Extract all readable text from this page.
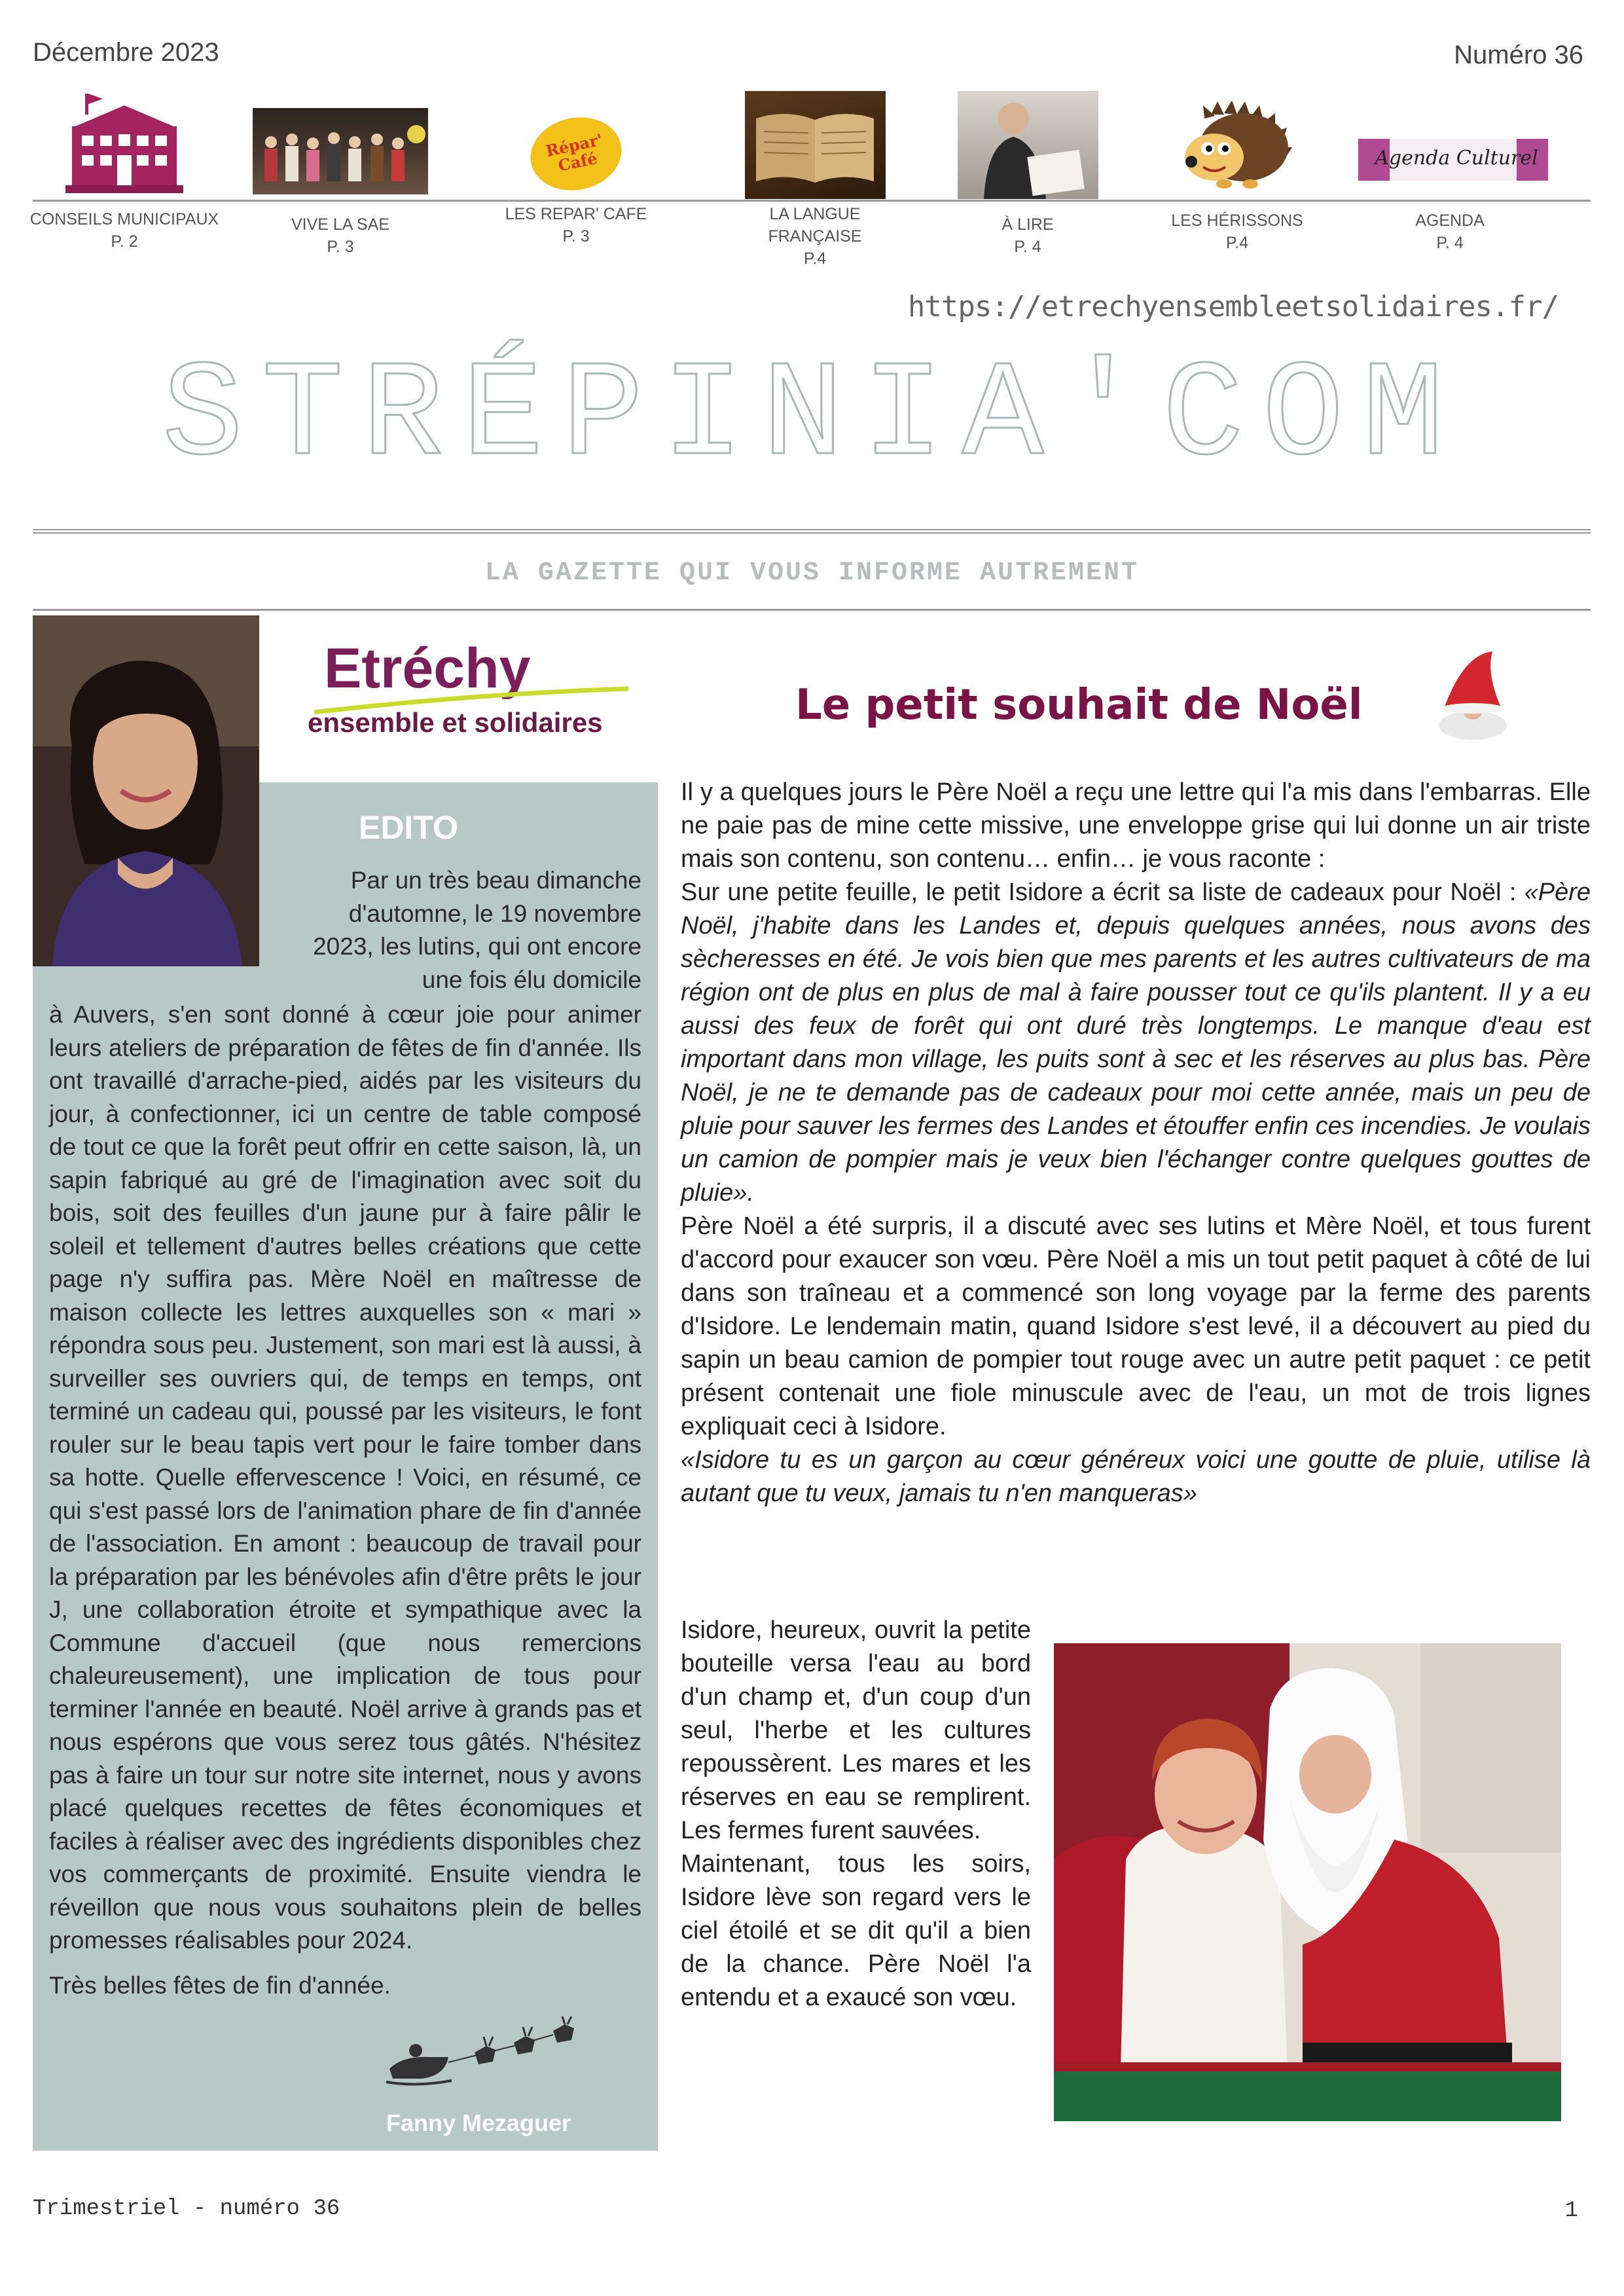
Décembre 2023	Numéro 36
CONSEILS MUNICIPAUX
P. 2
VIVE LA SAE
P. 3
Répar' Café
LES REPAR' CAFE
P. 3
LA LANGUE FRANÇAISE
P.4
À LIRE
P. 4
LES HÉRISSONS
P.4
Agenda Culturel
AGENDA
P. 4
https://etrechyensembleetsolidaires.fr/
STRÉPINIA'COM
LA GAZETTE QUI VOUS INFORME AUTREMENT
Etréchy
ensemble et solidaires
EDITO
Par un très beau dimanche d'automne, le 19 novembre 2023, les lutins, qui ont encore une fois élu domicile
à Auvers, s'en sont donné à cœur joie pour animer leurs ateliers de préparation de fêtes de fin d'année. Ils ont travaillé d'arrache-pied, aidés par les visiteurs du jour, à confectionner, ici un centre de table composé de tout ce que la forêt peut offrir en cette saison, là, un sapin fabriqué au gré de l'imagination avec soit du bois, soit des feuilles d'un jaune pur à faire pâlir le soleil et tellement d'autres belles créations que cette page n'y suffira pas. Mère Noël en maîtresse de maison collecte les lettres auxquelles son « mari » répondra sous peu. Justement, son mari est là aussi, à surveiller ses ouvriers qui, de temps en temps, ont terminé un cadeau qui, poussé par les visiteurs, le font rouler sur le beau tapis vert pour le faire tomber dans sa hotte. Quelle effervescence ! Voici, en résumé, ce qui s'est passé lors de l'animation phare de fin d'année de l'association. En amont : beaucoup de travail pour la préparation par les bénévoles afin d'être prêts le jour J, une collaboration étroite et sympathique avec la Commune d'accueil (que nous remercions chaleureusement), une implication de tous pour terminer l'année en beauté. Noël arrive à grands pas et nous espérons que vous serez tous gâtés. N'hésitez pas à faire un tour sur notre site internet, nous y avons placé quelques recettes de fêtes économiques et faciles à réaliser avec des ingrédients disponibles chez vos commerçants de proximité. Ensuite viendra le réveillon que nous vous souhaitons plein de belles promesses réalisables pour 2024.
Très belles fêtes de fin d'année.
Fanny Mezaguer
Le petit souhait de Noël

Il y a quelques jours le Père Noël a reçu une lettre qui l'a mis dans l'embarras. Elle ne paie pas de mine cette missive, une enveloppe grise qui lui donne un air triste mais son contenu, son contenu… enfin… je vous raconte :

Sur une petite feuille, le petit Isidore a écrit sa liste de cadeaux pour Noël : «Père Noël, j'habite dans les Landes et, depuis quelques années, nous avons des sècheresses en été. Je vois bien que mes parents et les autres cultivateurs de ma région ont de plus en plus de mal à faire pousser tout ce qu'ils plantent. Il y a eu aussi des feux de forêt qui ont duré très longtemps. Le manque d'eau est important dans mon village, les puits sont à sec et les réserves au plus bas. Père Noël, je ne te demande pas de cadeaux pour moi cette année, mais un peu de pluie pour sauver les fermes des Landes et étouffer enfin ces incendies. Je voulais un camion de pompier mais je veux bien l'échanger contre quelques gouttes de pluie».

Père Noël a été surpris, il a discuté avec ses lutins et Mère Noël, et tous furent d'accord pour exaucer son vœu. Père Noël a mis un tout petit paquet à côté de lui dans son traîneau et a commencé son long voyage par la ferme des parents d'Isidore. Le lendemain matin, quand Isidore s'est levé, il a découvert au pied du sapin un beau camion de pompier tout rouge avec un autre petit paquet : ce petit présent contenait une fiole minuscule avec de l'eau, un mot de trois lignes expliquait ceci à Isidore.

«Isidore tu es un garçon au cœur généreux voici une goutte de pluie, utilise là autant que tu veux, jamais tu n'en manqueras»

Isidore, heureux, ouvrit la petite bouteille versa l'eau au bord d'un champ et, d'un coup d'un seul, l'herbe et les cultures repoussèrent. Les mares et les réserves en eau se remplirent. Les fermes furent sauvées.

Maintenant, tous les soirs, Isidore lève son regard vers le ciel étoilé et se dit qu'il a bien de la chance. Père Noël l'a entendu et a exaucé son vœu.

Trimestriel - numéro 36	1
